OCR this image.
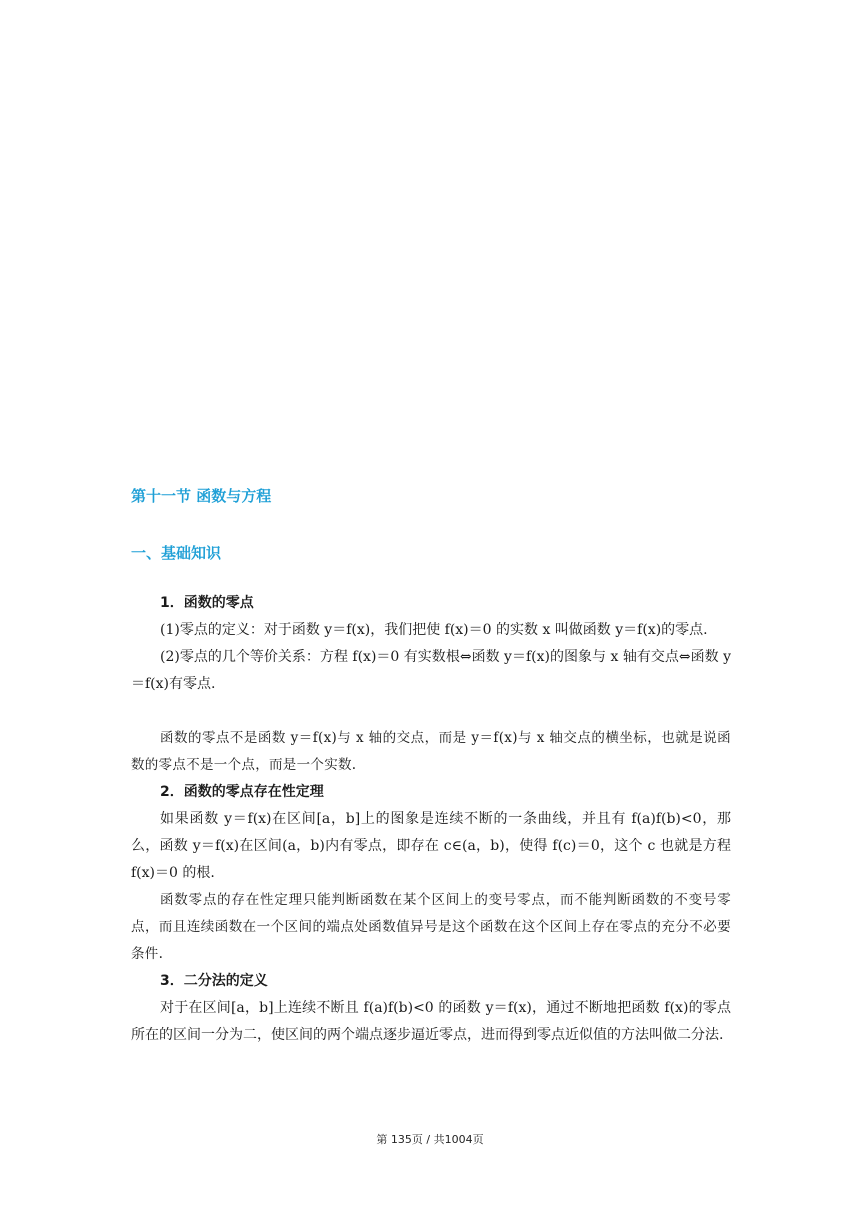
第十一节 函数与方程
一、基础知识

1．函数的零点

(1)零点的定义：对于函数 y＝f(x)，我们把使 f(x)＝0 的实数 x 叫做函数 y＝f(x)的零点.

(2)零点的几个等价关系：方程 f(x)＝0 有实数根⇔函数 y＝f(x)的图象与 x 轴有交点⇔函数 y＝f(x)有零点.

函数的零点不是函数 y＝f(x)与 x 轴的交点，而是 y＝f(x)与 x 轴交点的横坐标，也就是说函数的零点不是一个点，而是一个实数.

2．函数的零点存在性定理

如果函数 y＝f(x)在区间[a，b]上的图象是连续不断的一条曲线，并且有 f(a)f(b)<0，那么，函数 y＝f(x)在区间(a，b)内有零点，即存在 c∈(a，b)，使得 f(c)＝0，这个 c 也就是方程 f(x)＝0 的根.

函数零点的存在性定理只能判断函数在某个区间上的变号零点，而不能判断函数的不变号零点，而且连续函数在一个区间的端点处函数值异号是这个函数在这个区间上存在零点的充分不必要条件.

3．二分法的定义

对于在区间[a，b]上连续不断且 f(a)f(b)<0 的函数 y＝f(x)，通过不断地把函数 f(x)的零点所在的区间一分为二，使区间的两个端点逐步逼近零点，进而得到零点近似值的方法叫做二分法.

第 135页 / 共1004页
